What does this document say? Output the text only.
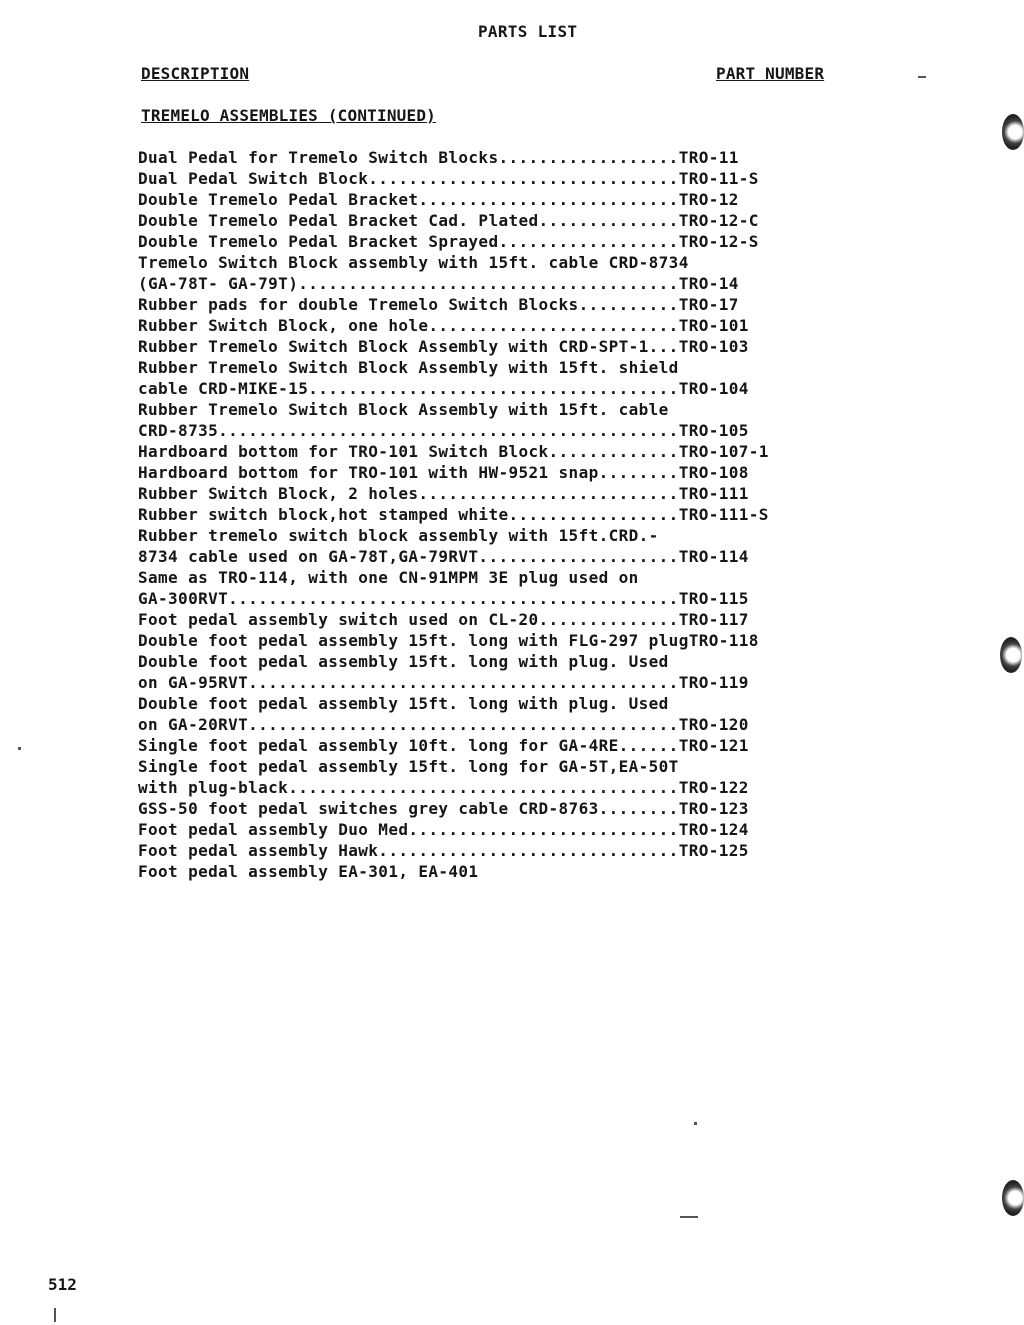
PARTS LIST
DESCRIPTION	PART NUMBER
TREMELO ASSEMBLIES (CONTINUED)
Dual Pedal for Tremelo Switch Blocks..................TRO-11
Dual Pedal Switch Block...............................TRO-11-S
Double Tremelo Pedal Bracket..........................TRO-12
Double Tremelo Pedal Bracket Cad. Plated..............TRO-12-C
Double Tremelo Pedal Bracket Sprayed..................TRO-12-S
Tremelo Switch Block assembly with 15ft. cable CRD-8734
(GA-78T- GA-79T)......................................TRO-14
Rubber pads for double Tremelo Switch Blocks..........TRO-17
Rubber Switch Block, one hole.........................TRO-101
Rubber Tremelo Switch Block Assembly with CRD-SPT-1...TRO-103
Rubber Tremelo Switch Block Assembly with 15ft. shield
cable CRD-MIKE-15.....................................TRO-104
Rubber Tremelo Switch Block Assembly with 15ft. cable
CRD-8735..............................................TRO-105
Hardboard bottom for TRO-101 Switch Block.............TRO-107-1
Hardboard bottom for TRO-101 with HW-9521 snap........TRO-108
Rubber Switch Block, 2 holes..........................TRO-111
Rubber switch block,hot stamped white.................TRO-111-S
Rubber tremelo switch block assembly with 15ft.CRD.-
8734 cable used on GA-78T,GA-79RVT....................TRO-114
Same as TRO-114, with one CN-91MPM 3E plug used on
GA-300RVT.............................................TRO-115
Foot pedal assembly switch used on CL-20..............TRO-117
Double foot pedal assembly 15ft. long with FLG-297 plugTRO-118
Double foot pedal assembly 15ft. long with plug. Used
on GA-95RVT...........................................TRO-119
Double foot pedal assembly 15ft. long with plug. Used
on GA-20RVT...........................................TRO-120
Single foot pedal assembly 10ft. long for GA-4RE......TRO-121
Single foot pedal assembly 15ft. long for GA-5T,EA-50T
with plug-black.......................................TRO-122
GSS-50 foot pedal switches grey cable CRD-8763........TRO-123
Foot pedal assembly Duo Med...........................TRO-124
Foot pedal assembly Hawk..............................TRO-125
Foot pedal assembly EA-301, EA-401
512
